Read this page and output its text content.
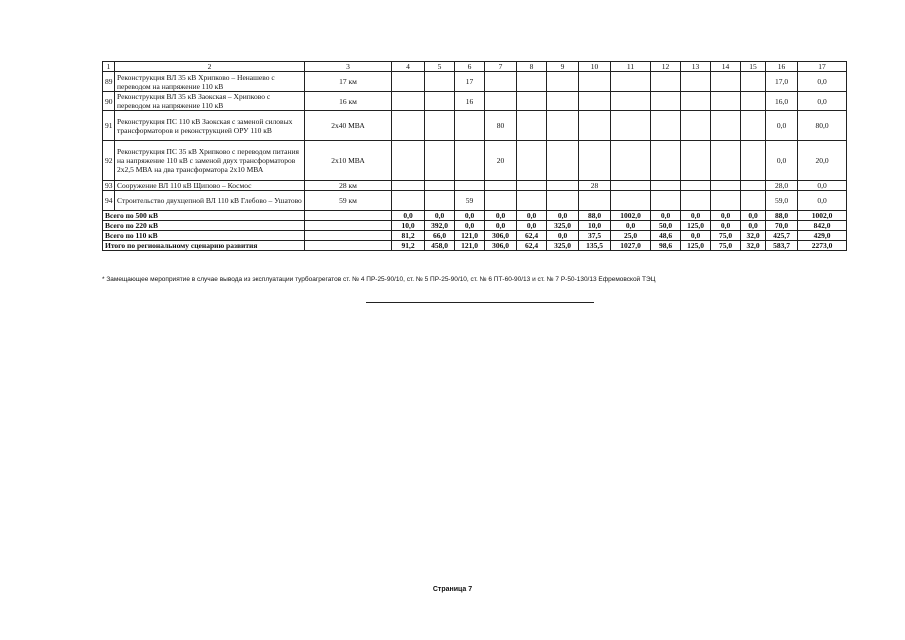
1	2	3	4	5	6	7	8	9	10	11	12	13	14	15	16	17
89	Реконструкция ВЛ 35 кВ Хрипково – Ненашево с переводом на напряжение 110 кВ	17 км			17										17,0	0,0
90	Реконструкция ВЛ 35 кВ Заокская – Хрипково с переводом на напряжение 110 кВ	16 км			16										16,0	0,0
91	Реконструкция ПС 110 кВ Заокская с заменой силовых трансформаторов и реконструкцией ОРУ 110 кВ	2х40 МВА				80									0,0	80,0
92	Реконструкция ПС 35 кВ Хрипково с переводом питания на напряжение 110 кВ с заменой двух трансформаторов 2х2,5 МВА на два трансформатора 2х10 МВА	2х10 МВА				20									0,0	20,0
93	Сооружение ВЛ 110 кВ Щипово – Космос	28 км							28						28,0	0,0
94	Строительство двухцепной ВЛ 110 кВ Глебово – Ушатово	59 км			59										59,0	0,0
Всего по 500 кВ			0,0	0,0	0,0	0,0	0,0	0,0	88,0	1002,0	0,0	0,0	0,0	0,0	88,0	1002,0
Всего по 220 кВ			10,0	392,0	0,0	0,0	0,0	325,0	10,0	0,0	50,0	125,0	0,0	0,0	70,0	842,0
Всего по 110 кВ			81,2	66,0	121,0	306,0	62,4	0,0	37,5	25,0	48,6	0,0	75,0	32,0	425,7	429,0
Итого по региональному сценарию развития			91,2	458,0	121,0	306,0	62,4	325,0	135,5	1027,0	98,6	125,0	75,0	32,0	583,7	2273,0
* Замещающее мероприятие в случае вывода из эксплуатации турбоагрегатов ст. № 4 ПР-25-90/10, ст. № 5 ПР-25-90/10, ст. № 6 ПТ-60-90/13 и ст. № 7 Р-50-130/13 Ефремовской ТЭЦ
Страница 7
